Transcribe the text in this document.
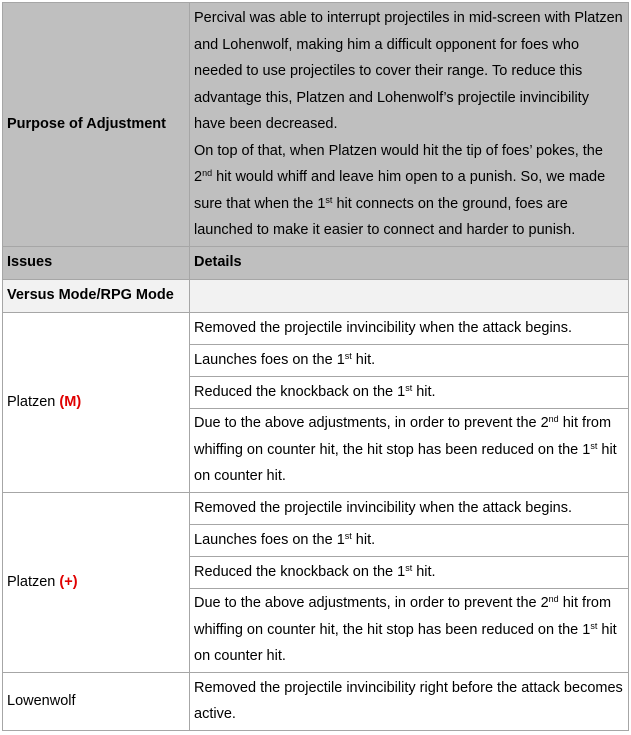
Purpose of Adjustment	Percival was able to interrupt projectiles in mid-screen with Platzen and Lohenwolf, making him a difficult opponent for foes who needed to use projectiles to cover their range. To reduce this advantage this, Platzen and Lohenwolf’s projectile invincibility have been decreased.
On top of that, when Platzen would hit the tip of foes’ pokes, the 2nd hit would whiff and leave him open to a punish. So, we made sure that when the 1st hit connects on the ground, foes are launched to make it easier to connect and harder to punish.

Issues	Details
Versus Mode/RPG Mode	
Platzen (M)	Removed the projectile invincibility when the attack begins.
	Launches foes on the 1st hit.
	Reduced the knockback on the 1st hit.
	Due to the above adjustments, in order to prevent the 2nd hit from whiffing on counter hit, the hit stop has been reduced on the 1st hit on counter hit.
Platzen (+)	Removed the projectile invincibility when the attack begins.
	Launches foes on the 1st hit.
	Reduced the knockback on the 1st hit.
	Due to the above adjustments, in order to prevent the 2nd hit from whiffing on counter hit, the hit stop has been reduced on the 1st hit on counter hit.
Lowenwolf	Removed the projectile invincibility right before the attack becomes active.
